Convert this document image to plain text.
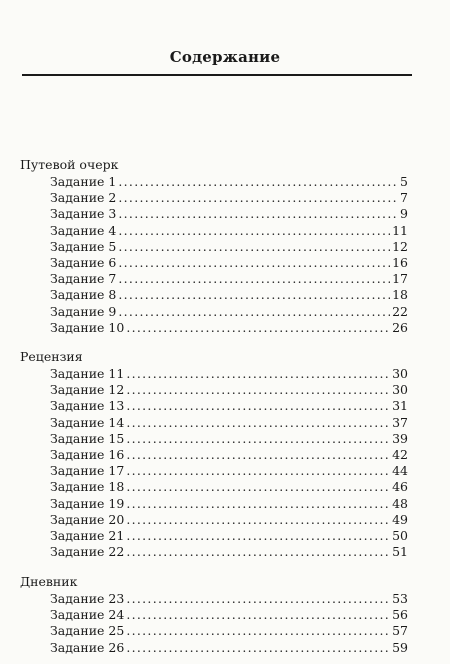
Содержание
Путевой очерк
Задание 1 .....	5
Задание 2 .....	7
Задание 3 .....	9
Задание 4 .....	11
Задание 5 .....	12
Задание 6 .....	16
Задание 7 .....	17
Задание 8 .....	18
Задание 9 .....	22
Задание 10 .....	26
Рецензия
Задание 11 .....	30
Задание 12 .....	30
Задание 13 .....	31
Задание 14 .....	37
Задание 15 .....	39
Задание 16 .....	42
Задание 17 .....	44
Задание 18 .....	46
Задание 19 .....	48
Задание 20 .....	49
Задание 21 .....	50
Задание 22 .....	51
Дневник
Задание 23 .....	53
Задание 24 .....	56
Задание 25 .....	57
Задание 26 .....	59
